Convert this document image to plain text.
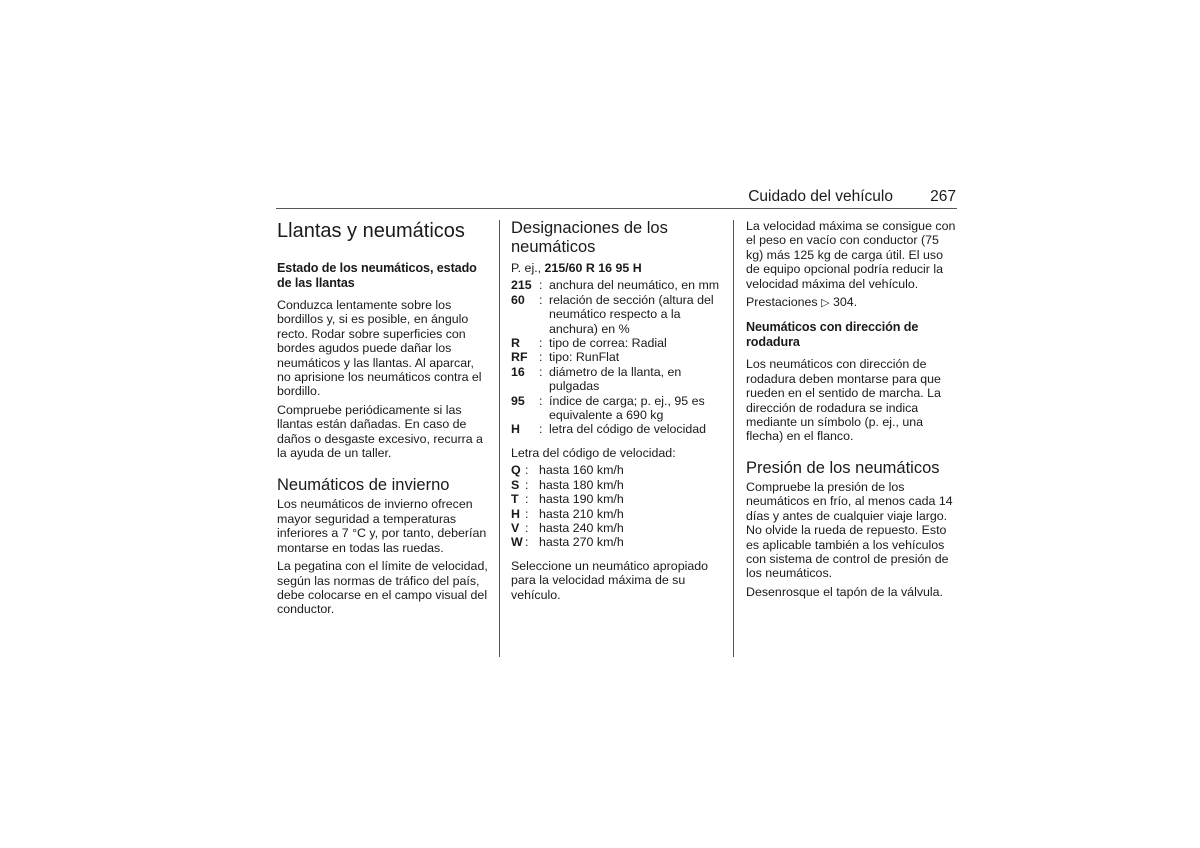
Cuidado del vehículo 267
Llantas y neumáticos
Estado de los neumáticos, estado de las llantas

Conduzca lentamente sobre los bordillos y, si es posible, en ángulo recto. Rodar sobre superficies con bordes agudos puede dañar los neumáticos y las llantas. Al aparcar, no aprisione los neumáticos contra el bordillo.

Compruebe periódicamente si las llantas están dañadas. En caso de daños o desgaste excesivo, recurra a la ayuda de un taller.

Neumáticos de invierno

Los neumáticos de invierno ofrecen mayor seguridad a temperaturas inferiores a 7 °C y, por tanto, deberían montarse en todas las ruedas.

La pegatina con el límite de velocidad, según las normas de tráfico del país, debe colocarse en el campo visual del conductor.

Designaciones de los neumáticos

P. ej., 215/60 R 16 95 H

215 : anchura del neumático, en mm
60	: relación de sección (altura del neumático respecto a la anchura) en %
R	: tipo de correa: Radial
RF : tipo: RunFlat
16	: diámetro de la llanta, en pulgadas
95	: índice de carga; p. ej., 95 es equivalente a 690 kg
H	: letra del código de velocidad

Letra del código de velocidad:

Q : hasta 160 km/h
S : hasta 180 km/h
T : hasta 190 km/h
H : hasta 210 km/h
V : hasta 240 km/h
W : hasta 270 km/h

Seleccione un neumático apropiado para la velocidad máxima de su vehículo.

La velocidad máxima se consigue con el peso en vacío con conductor (75 kg) más 125 kg de carga útil. El uso de equipo opcional podría reducir la velocidad máxima del vehículo.

Prestaciones ▷ 304.

Neumáticos con dirección de rodadura

Los neumáticos con dirección de rodadura deben montarse para que rueden en el sentido de marcha. La dirección de rodadura se indica mediante un símbolo (p. ej., una flecha) en el flanco.

Presión de los neumáticos

Compruebe la presión de los neumáticos en frío, al menos cada 14 días y antes de cualquier viaje largo. No olvide la rueda de repuesto. Esto es aplicable también a los vehículos con sistema de control de presión de los neumáticos.

Desenrosque el tapón de la válvula.
